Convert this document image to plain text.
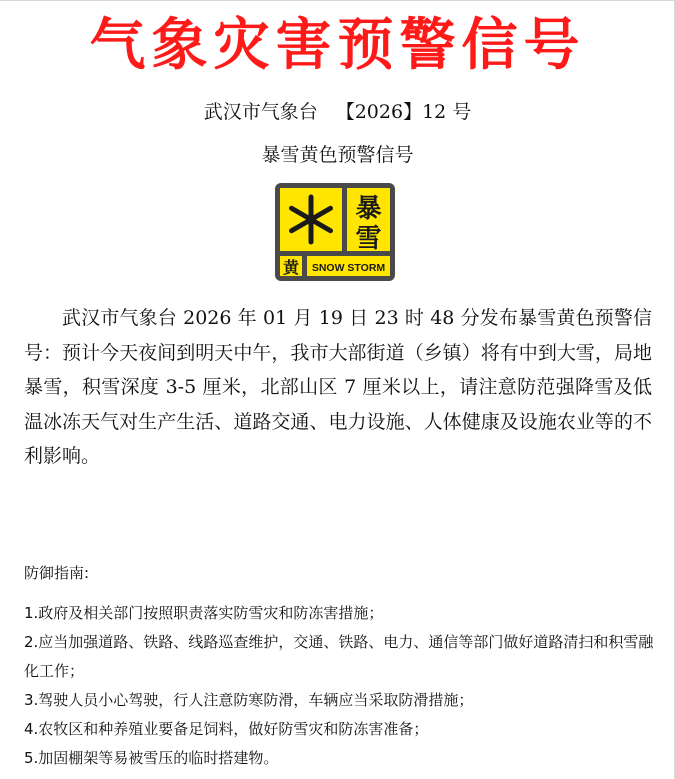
气象灾害预警信号
武汉市气象台 【2026】12 号
暴雪黄色预警信号
暴
雪
黄 SNOW STORM

武汉市气象台 2026 年 01 月 19 日 23 时 48 分发布暴雪黄色预警信号：预计今天夜间到明天中午，我市大部街道（乡镇）将有中到大雪，局地暴雪，积雪深度 3-5 厘米，北部山区 7 厘米以上，请注意防范强降雪及低温冰冻天气对生产生活、道路交通、电力设施、人体健康及设施农业等的不利影响。

防御指南:
1.政府及相关部门按照职责落实防雪灾和防冻害措施；
2.应当加强道路、铁路、线路巡查维护，交通、铁路、电力、通信等部门做好道路清扫和积雪融化工作；
3.驾驶人员小心驾驶，行人注意防寒防滑，车辆应当采取防滑措施；
4.农牧区和种养殖业要备足饲料，做好防雪灾和防冻害准备；
5.加固棚架等易被雪压的临时搭建物。
